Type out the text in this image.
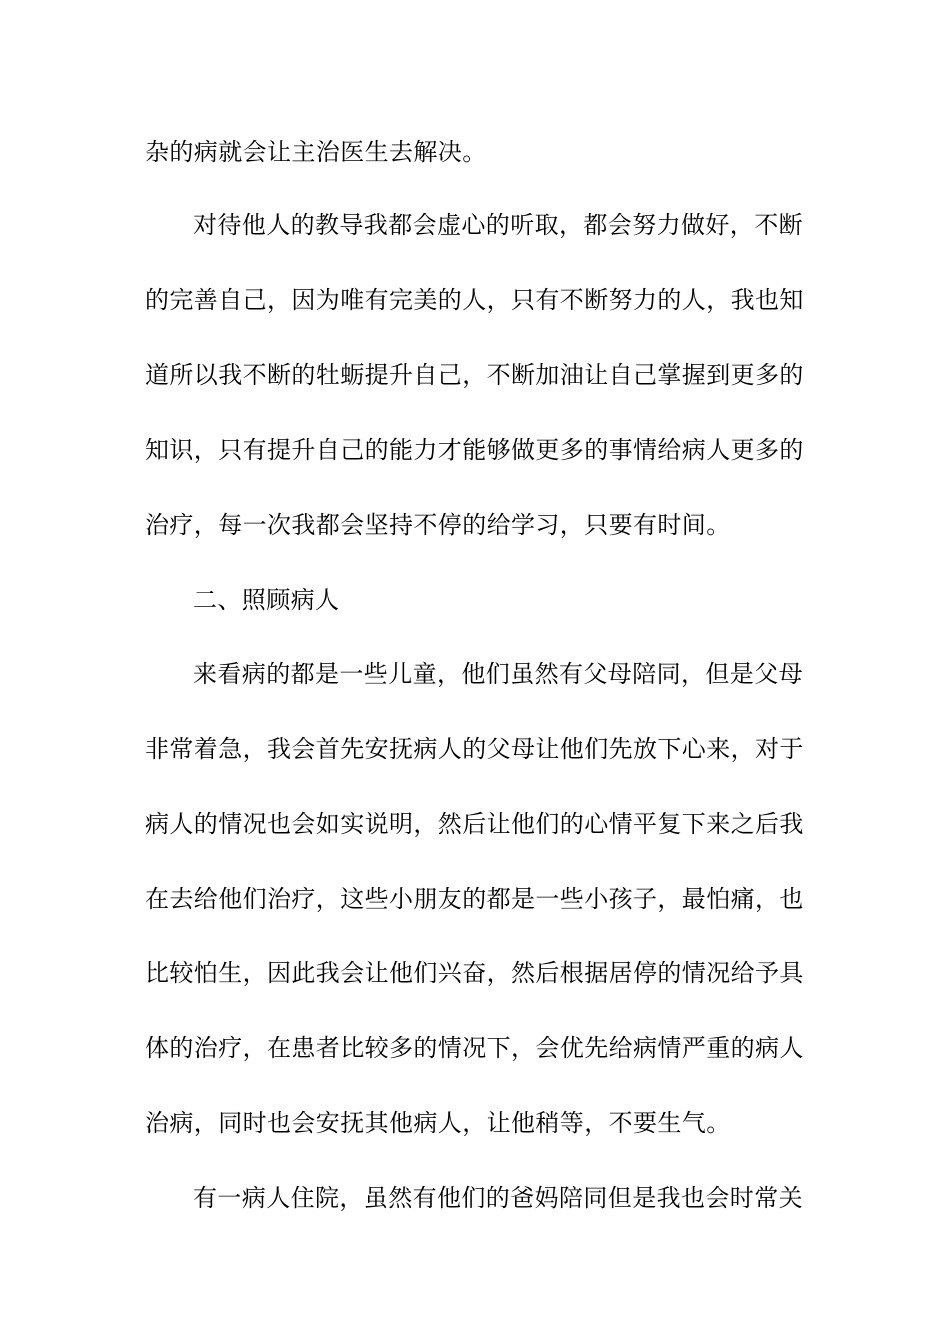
杂的病就会让主治医生去解决。
对待他人的教导我都会虚心的听取，都会努力做好，不断
的完善自己，因为唯有完美的人，只有不断努力的人，我也知
道所以我不断的牡蛎提升自己，不断加油让自己掌握到更多的
知识，只有提升自己的能力才能够做更多的事情给病人更多的
治疗，每一次我都会坚持不停的给学习，只要有时间。
二、照顾病人
来看病的都是一些儿童，他们虽然有父母陪同，但是父母
非常着急，我会首先安抚病人的父母让他们先放下心来，对于
病人的情况也会如实说明，然后让他们的心情平复下来之后我
在去给他们治疗，这些小朋友的都是一些小孩子，最怕痛，也
比较怕生，因此我会让他们兴奋，然后根据居停的情况给予具
体的治疗，在患者比较多的情况下，会优先给病情严重的病人
治病，同时也会安抚其他病人，让他稍等，不要生气。
有一病人住院，虽然有他们的爸妈陪同但是我也会时常关
